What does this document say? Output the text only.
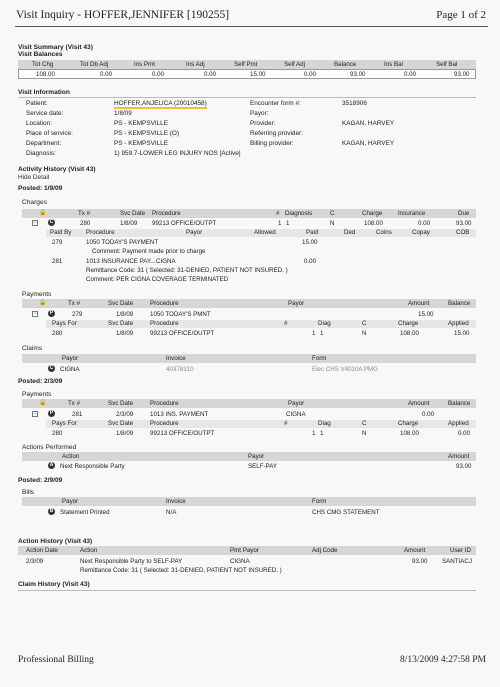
Visit Inquiry - HOFFER,JENNIFER [190255]	Page 1 of 2
Visit Summary (Visit 43)
Visit Balances
Tot Chg	Tot Db Adj	Ins Pmt	Ins Adj	Self Pmt	Self Adj	Balance	Ins Bal	Self Bal
108.00	0.00	0.00	0.00	15.00	0.00	93.00	0.00	93.00
Visit Information
Patient:	HOFFER,ANJELICA (20010458)
Service date:	1/8/09
Location:	PS - KEMPSVILLE
Place of service:	PS - KEMPSVILLE (O)
Department:	PS - KEMPSVILLE
Diagnosis:	1) 959.7-LOWER LEG INJURY NOS [Active]
Encounter form #:	3518906
Payor:
Provider:	KAGAN, HARVEY
Referring provider:
Billing provider:	KAGAN, HARVEY
Activity History (Visit 43)
Hide Detail
Posted: 1/9/09
Charges
🔒	Tx #	Svc Date Procedure	# Diagnosis	C	Charge	Insurance	Due
−	C	280	1/8/09 99213 OFFICE/OUTPT	1 1	N	108.00	0.00	93.00
Paid By Procedure	Payor	Allowed	Paid	Ded	Coins	Copay	COB
279	1050 TODAY'S PAYMENT	15.00
Comment: Payment made prior to charge
281	1013 INSURANCE PAY... CIGNA	0.00
Remittance Code: 31 ( Selected: 31-DENIED, PATIENT NOT INSURED. )
Comment: PER CIGNA COVERAGE TERMINATED
Payments
🔒	Tx #	Svc Date	Procedure	Payor	Amount	Balance
−	P	279	1/8/09	1050 TODAY'S PMNT	15.00
Pays For	Svc Date	Procedure	#	Diag	C	Charge	Applied
280	1/8/09	99213 OFFICE/OUTPT	1 1	N	108.00	15.00
Claims
Payor	Invoice	Form
C CIGNA	40378310	Elec CHS V4010A PMG
Posted: 2/3/09
Payments
🔒	Tx #	Svc Date	Procedure	Payor	Amount	Balance
−	P	281	2/3/09	1013 INS. PAYMENT	CIGNA	0.00
Pays For	Svc Date	Procedure	#	Diag	C	Charge	Applied
280	1/8/09	99213 OFFICE/OUTPT	1 1	N	108.00	0.00
Actions Performed
Action	Payor	Amount
A Next Responsible Party	SELF-PAY	93.00
Posted: 2/9/09
Bills
Payor	Invoice	Form
B Statement Printed	N/A	CHS CMG STATEMENT
Action History (Visit 43)
Action Date	Action	Pmt Payor	Adj Code	Amount	User ID
2/3/09	Next Responsible Party to SELF-PAY	CIGNA	93.00 SANTIACJ
Remittance Code: 31 ( Selected: 31-DENIED, PATIENT NOT INSURED. )
Claim History (Visit 43)
Professional Billing	8/13/2009 4:27:58 PM
